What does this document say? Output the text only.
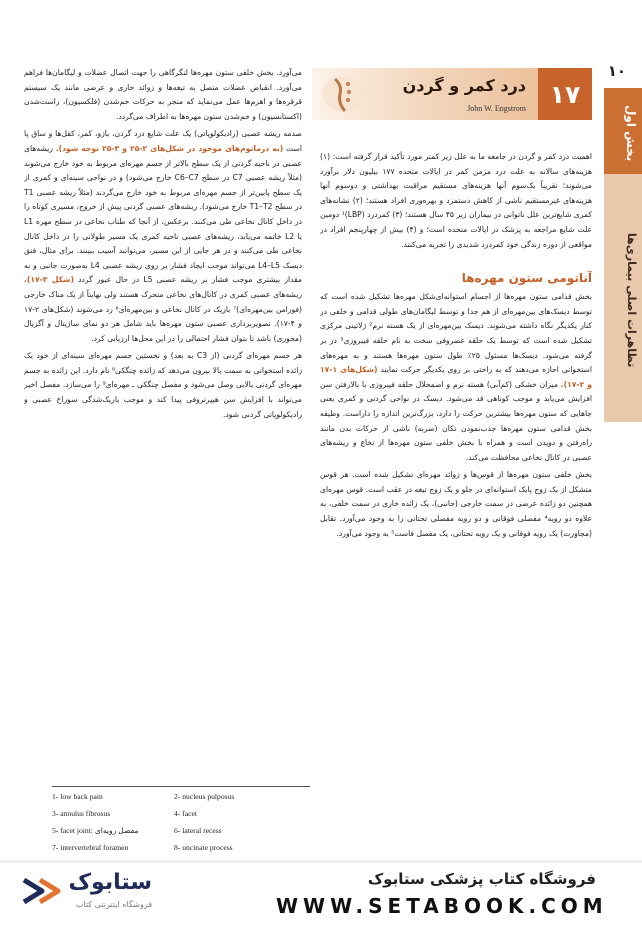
۱۰
بخش اول
تظاهرات اصلی بیماری‌ها
۱۷
درد کمر و گردن
John W. Engstrom

اهمیت درد کمر و گردن در جامعه ما به علل زیر کمتر مورد تأکید قرار گرفته است: (۱) هزینه‌های سالانه به علت درد مزمن کمر در ایالات متحده ۱۷۷ بیلیون دلار برآورد می‌شوند؛ تقریباً یک‌سوم آنها هزینه‌های مستقیم مراقبت بهداشتی و دوسوم آنها هزینه‌های غیرمستقیم ناشی از کاهش دستمزد و بهره‌وری افراد هستند؛ (۲) نشانه‌های کمری شایع‌ترین علل ناتوانی در بیماران زیر ۴۵ سال هستند؛ (۳) کمردرد (LBP)¹ دومین علت شایع مراجعه به پزشک در ایالات متحده است؛ و (۴) بیش از چهارپنجم افراد در مواقعی از دوره زندگی خود کمردرد شدیدی را تجربه می‌کنند.

آناتومی ستون مهره‌ها

بخش قدامی ستون مهره‌ها از اجسام استوانه‌ای‌شکل مهره‌ها تشکیل شده است که توسط دیسک‌های بین‌مهره‌ای از هم جدا و توسط لیگامان‌های طولی قدامی و خلفی در کنار یکدیگر نگاه داشته می‌شوند. دیسک بین‌مهره‌ای از یک هسته نرم² ژلاتینی مرکزی تشکیل شده است که توسط یک حلقه غضروفی سخت به نام حلقه فیبروزی³ در بر گرفته می‌شود. دیسک‌ها مسئول ۲۵٪ طول ستون مهره‌ها هستند و به مهره‌های استخوانی اجازه می‌دهند که به راحتی بر روی یکدیگر حرکت نمایند (شکل‌های ۱-۱۷ و ۲-۱۷). میزان خشکی (کم‌آبی) هسته نرم و اضمحلال حلقه فیبروزی با بالارفتن سن افزایش می‌یابد و موجب کوتاهی قد می‌شود. دیسک در نواحی گردنی و کمری یعنی جاهایی که ستون مهره‌ها بیشترین حرکت را دارد، بزرگ‌ترین اندازه را داراست. وظیفه بخش قدامی ستون مهره‌ها جذب‌نمودن تکان (ضربه) ناشی از حرکات بدن مانند راه‌رفتن و دویدن است و همراه با بخش خلفی ستون مهره‌ها از نخاع و ریشه‌های عصبی در کانال نخاعی محافظت می‌کند.

بخش خلفی ستون مهره‌ها از قوس‌ها و زوائد مهره‌ای تشکیل شده است. هر قوس متشکل از یک زوج پایک استوانه‌ای در جلو و یک زوج تیغه در عقب است. قوس مهره‌ای همچنین دو زائده عرضی در سمت خارجی (جانبی)، یک زائده خاری در سمت خلفی، به علاوه دو رویه⁴ مفصلی فوقانی و دو رویه مفصلی تحتانی را به وجود می‌آورد. تقابل (مجاورت) یک رویه فوقانی و یک رویه تحتانی، یک مفصل فاست⁵ به وجود می‌آورد.

می‌آورد. بخش خلفی ستون مهره‌ها لنگرگاهی را جهت اتصال عضلات و لیگامان‌ها فراهم می‌آورد. انقباض عضلات متصل به تیغه‌ها و زوائد خاری و عرضی مانند یک سیستم قرقره‌ها و اهرم‌ها عمل می‌نماید که منجر به حرکات خم‌شدن (فلکسیون)، راست‌شدن (اکستانسیون) و خم‌شدن ستون مهره‌ها به اطراف می‌گردد.

صدمه ریشه عصبی (رادیکولوپاتی) یک علت شایع درد گردن، بازو، کمر، کفل‌ها و ساق پا است (به درماتوم‌های موجود در شکل‌های ۲-۲۵ و ۳-۲۵ توجه شود). ریشه‌های عصبی در ناحیه گردنی از یک سطح بالاتر از جسم مهره‌ای مربوط به خود خارج می‌شوند (مثلاً ریشه عصبی C7 در سطح C6–C7 خارج می‌شود) و در نواحی سینه‌ای و کمری از یک سطح پایین‌تر از جسم مهره‌ای مربوط به خود خارج می‌گردند (مثلاً ریشه عصبی T1 در سطح T1–T2 خارج می‌شود). ریشه‌های عصبی گردنی پیش از خروج، مسیری کوتاه را در داخل کانال نخاعی طی می‌کنند. برعکس، از آنجا که طناب نخاعی در سطح مهره L1 یا L2 خاتمه می‌یابد، ریشه‌های عصبی ناحیه کمری یک مسیر طولانی را در داخل کانال نخاعی طی می‌کنند و در هر جایی از این مسیر، می‌توانند آسیب ببینند. برای مثال، فتق دیسک L4–L5 می‌تواند موجب ایجاد فشار بر روی ریشه عصبی L4 به‌صورت جانبی و به مقدار بیشتری موجب فشار بر ریشه عصبی L5 در حال عبور گردد (شکل ۳-۱۷). ریشه‌های عصبی کمری در کانال‌های نخاعی متحرک هستند ولی نهایتاً از یک مناک خارجی (فورامن بین‌مهره‌ای)⁷ باریک در کانال نخاعی و بین‌مهره‌ای⁶ رد می‌شوند (شکل‌های ۲-۱۷ و ۴-۱۷). تصویربرداری عصبی ستون مهره‌ها باید شامل هر دو نمای ساژیتال و آگزیال (محوری) باشد تا بتوان فشار احتمالی را در این محل‌ها ارزیابی کرد.

هر جسم مهره‌ای گردنی (از C3 به بعد) و نخستین جسم مهره‌ای سینه‌ای از خود یک زائده استخوانی به سمت بالا بیرون می‌دهد که زائده چنگکی⁸ نام دارد. این زائده به جسم مهره‌ای گردنی بالایی وصل می‌شود و مفصل چنگکی ـ مهره‌ای⁹ را می‌سازد. مفصل اخیر می‌تواند با افزایش سن هیپرتروفی پیدا کند و موجب باریک‌شدگی سوراخ عصبی و رادیکولوپاتی گردنی شود.

1- low back pain	2- nucleus pulposus
3- annulus fibrosus	4- facet
5- facet joint: مفصل رویه‌ای	6- lateral recess
7- intervertebral foramen	8- uncinate process
فروشگاه کتاب پزشکی ستابوک
WWW.SETABOOK.COM
ستابوک
فروشگاه اینترنتی کتاب
